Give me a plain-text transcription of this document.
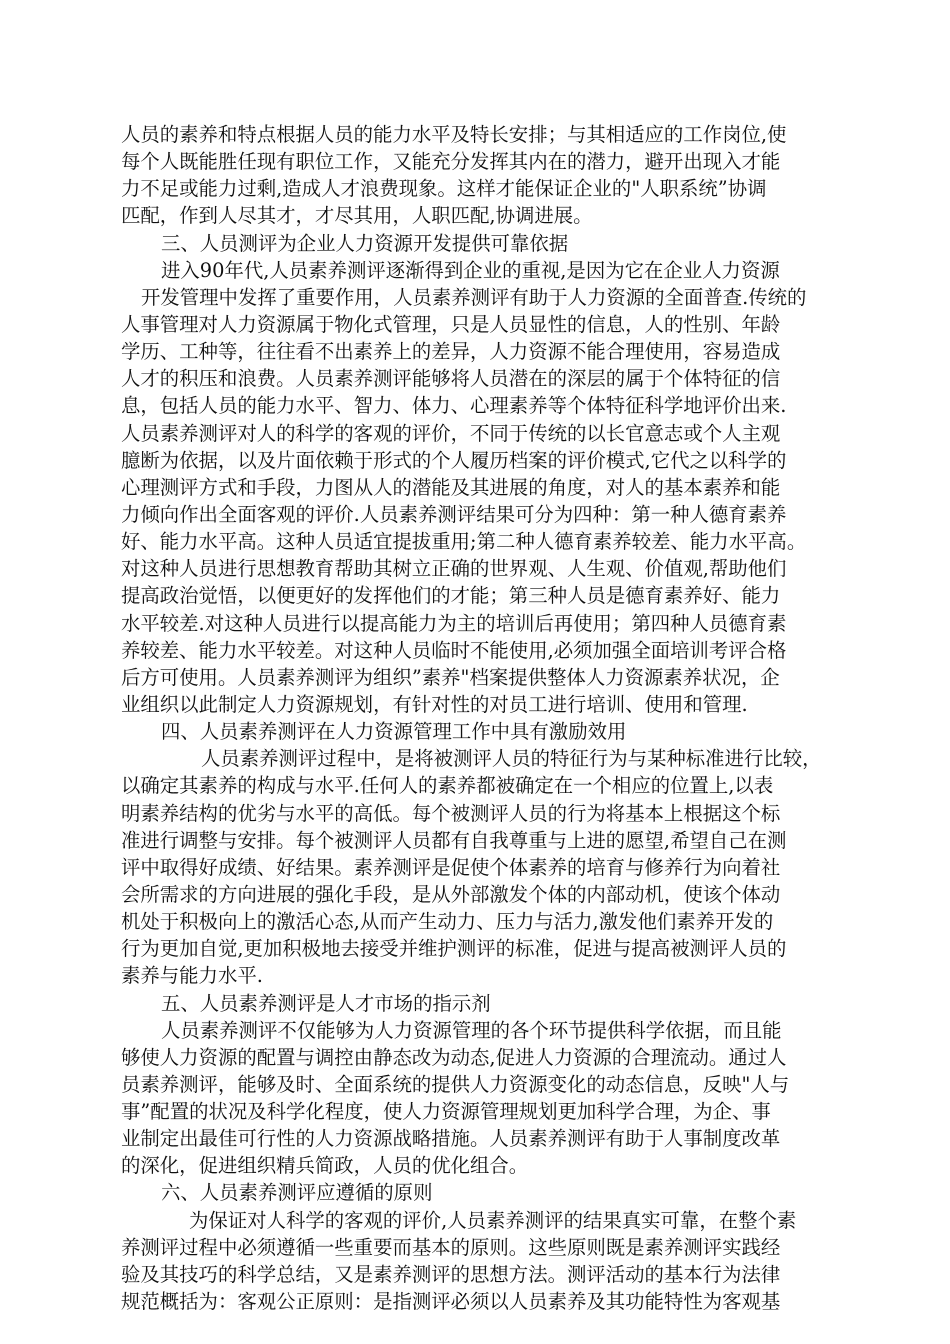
人员的素养和特点根据人员的能力水平及特长安排；与其相适应的工作岗位,使
每个人既能胜任现有职位工作，又能充分发挥其内在的潜力，避开出现入才能
力不足或能力过剩,造成人才浪费现象。这样才能保证企业的"人职系统”协调
匹配，作到人尽其才，才尽其用，人职匹配,协调进展。
三、人员测评为企业人力资源开发提供可靠依据
进入90年代,人员素养测评逐渐得到企业的重视,是因为它在企业人力资源
开发管理中发挥了重要作用，人员素养测评有助于人力资源的全面普查.传统的
人事管理对人力资源属于物化式管理，只是人员显性的信息，人的性别、年龄
学历、工种等，往往看不出素养上的差异，人力资源不能合理使用，容易造成
人才的积压和浪费。人员素养测评能够将人员潜在的深层的属于个体特征的信
息，包括人员的能力水平、智力、体力、心理素养等个体特征科学地评价出来.
人员素养测评对人的科学的客观的评价，不同于传统的以长官意志或个人主观
臆断为依据，以及片面依赖于形式的个人履历档案的评价模式,它代之以科学的
心理测评方式和手段，力图从人的潜能及其进展的角度，对人的基本素养和能
力倾向作出全面客观的评价.人员素养测评结果可分为四种：第一种人德育素养
好、能力水平高。这种人员适宜提拔重用;第二种人德育素养较差、能力水平高。
对这种人员进行思想教育帮助其树立正确的世界观、人生观、价值观,帮助他们
提高政治觉悟，以便更好的发挥他们的才能；第三种人员是德育素养好、能力
水平较差.对这种人员进行以提高能力为主的培训后再使用；第四种人员德育素
养较差、能力水平较差。对这种人员临时不能使用,必须加强全面培训考评合格
后方可使用。人员素养测评为组织”素养"档案提供整体人力资源素养状况，企
业组织以此制定人力资源规划，有针对性的对员工进行培训、使用和管理.
四、人员素养测评在人力资源管理工作中具有激励效用
人员素养测评过程中，是将被测评人员的特征行为与某种标准进行比较，
以确定其素养的构成与水平.任何人的素养都被确定在一个相应的位置上,以表
明素养结构的优劣与水平的高低。每个被测评人员的行为将基本上根据这个标
准进行调整与安排。每个被测评人员都有自我尊重与上进的愿望,希望自己在测
评中取得好成绩、好结果。素养测评是促使个体素养的培育与修养行为向着社
会所需求的方向进展的强化手段，是从外部激发个体的内部动机，使该个体动
机处于积极向上的激活心态,从而产生动力、压力与活力,激发他们素养开发的
行为更加自觉,更加积极地去接受并维护测评的标准，促进与提高被测评人员的
素养与能力水平.
五、人员素养测评是人才市场的指示剂
人员素养测评不仅能够为人力资源管理的各个环节提供科学依据，而且能
够使人力资源的配置与调控由静态改为动态,促进人力资源的合理流动。通过人
员素养测评，能够及时、全面系统的提供人力资源变化的动态信息，反映"人与
事”配置的状况及科学化程度，使人力资源管理规划更加科学合理，为企、事
业制定出最佳可行性的人力资源战略措施。人员素养测评有助于人事制度改革
的深化，促进组织精兵简政，人员的优化组合。
六、人员素养测评应遵循的原则
为保证对人科学的客观的评价,人员素养测评的结果真实可靠，在整个素
养测评过程中必须遵循一些重要而基本的原则。这些原则既是素养测评实践经
验及其技巧的科学总结，又是素养测评的思想方法。测评活动的基本行为法律
规范概括为：客观公正原则：是指测评必须以人员素养及其功能特性为客观基
